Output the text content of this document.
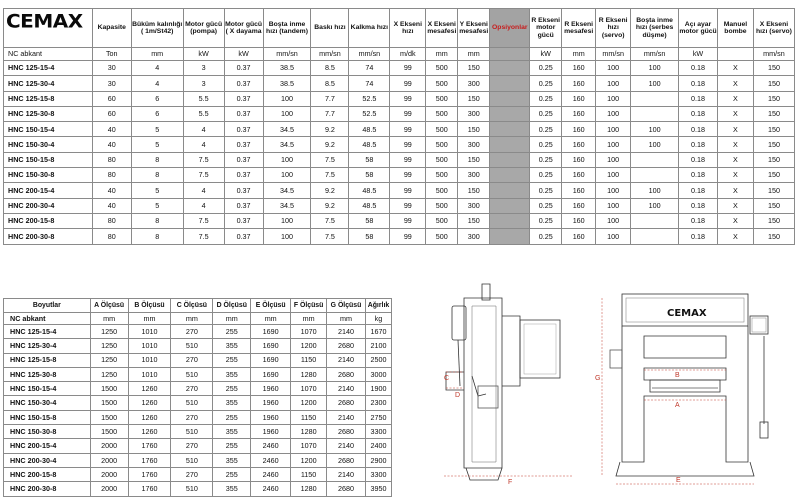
CEMAX
	Kapasite	Büküm kalınlığı ( 1m/St42)	Motor gücü (pompa)	Motor gücü ( X dayama	Boşta inme hızı (tandem)	Baskı hızı	Kalkma hızı	X Ekseni hızı	X Ekseni mesafesi	Y Ekseni mesafesi	Opsiyonlar	R Ekseni motor gücü	R Ekseni mesafesi	R Ekseni hızı (servo)	Boşta inme hızı (serbes düşme)	Açı ayar motor gücü	Manuel bombe	X Ekseni hızı (servo)
NC abkant	Ton	mm	kW	kW	mm/sn	mm/sn	mm/sn	m/dk	mm	mm		kW	mm	mm/sn	mm/sn	kW		mm/sn
HNC 125-15-4	30	4	3	0.37	38.5	8.5	74	99	500	150		0.25	160	100	100	0.18	X	150
HNC 125-30-4	30	4	3	0.37	38.5	8.5	74	99	500	300		0.25	160	100	100	0.18	X	150
HNC 125-15-8	60	6	5.5	0.37	100	7.7	52.5	99	500	150		0.25	160	100		0.18	X	150
HNC 125-30-8	60	6	5.5	0.37	100	7.7	52.5	99	500	300		0.25	160	100		0.18	X	150
HNC 150-15-4	40	5	4	0.37	34.5	9.2	48.5	99	500	150		0.25	160	100	100	0.18	X	150
HNC 150-30-4	40	5	4	0.37	34.5	9.2	48.5	99	500	300		0.25	160	100	100	0.18	X	150
HNC 150-15-8	80	8	7.5	0.37	100	7.5	58	99	500	150		0.25	160	100		0.18	X	150
HNC 150-30-8	80	8	7.5	0.37	100	7.5	58	99	500	300		0.25	160	100		0.18	X	150
HNC 200-15-4	40	5	4	0.37	34.5	9.2	48.5	99	500	150		0.25	160	100	100	0.18	X	150
HNC 200-30-4	40	5	4	0.37	34.5	9.2	48.5	99	500	300		0.25	160	100	100	0.18	X	150
HNC 200-15-8	80	8	7.5	0.37	100	7.5	58	99	500	150		0.25	160	100		0.18	X	150
HNC 200-30-8	80	8	7.5	0.37	100	7.5	58	99	500	300		0.25	160	100		0.18	X	150
Boyutlar	A Ölçüsü	B Ölçüsü	C Ölçüsü	D Ölçüsü	E Ölçüsü	F Ölçüsü	G Ölçüsü	Ağırlık
NC abkant	mm	mm	mm	mm	mm	mm	mm	kg
HNC 125-15-4	1250	1010	270	255	1690	1070	2140	1670
HNC 125-30-4	1250	1010	510	355	1690	1200	2680	2100
HNC 125-15-8	1250	1010	270	255	1690	1150	2140	2500
HNC 125-30-8	1250	1010	510	355	1690	1280	2680	3000
HNC 150-15-4	1500	1260	270	255	1960	1070	2140	1900
HNC 150-30-4	1500	1260	510	355	1960	1200	2680	2300
HNC 150-15-8	1500	1260	270	255	1960	1150	2140	2750
HNC 150-30-8	1500	1260	510	355	1960	1280	2680	3300
HNC 200-15-4	2000	1760	270	255	2460	1070	2140	2400
HNC 200-30-4	2000	1760	510	355	2460	1200	2680	2900
HNC 200-15-8	2000	1760	270	255	2460	1150	2140	3300
HNC 200-30-8	2000	1760	510	355	2460	1280	2680	3950
C
D
F
CEMAX
B
A
E
G
